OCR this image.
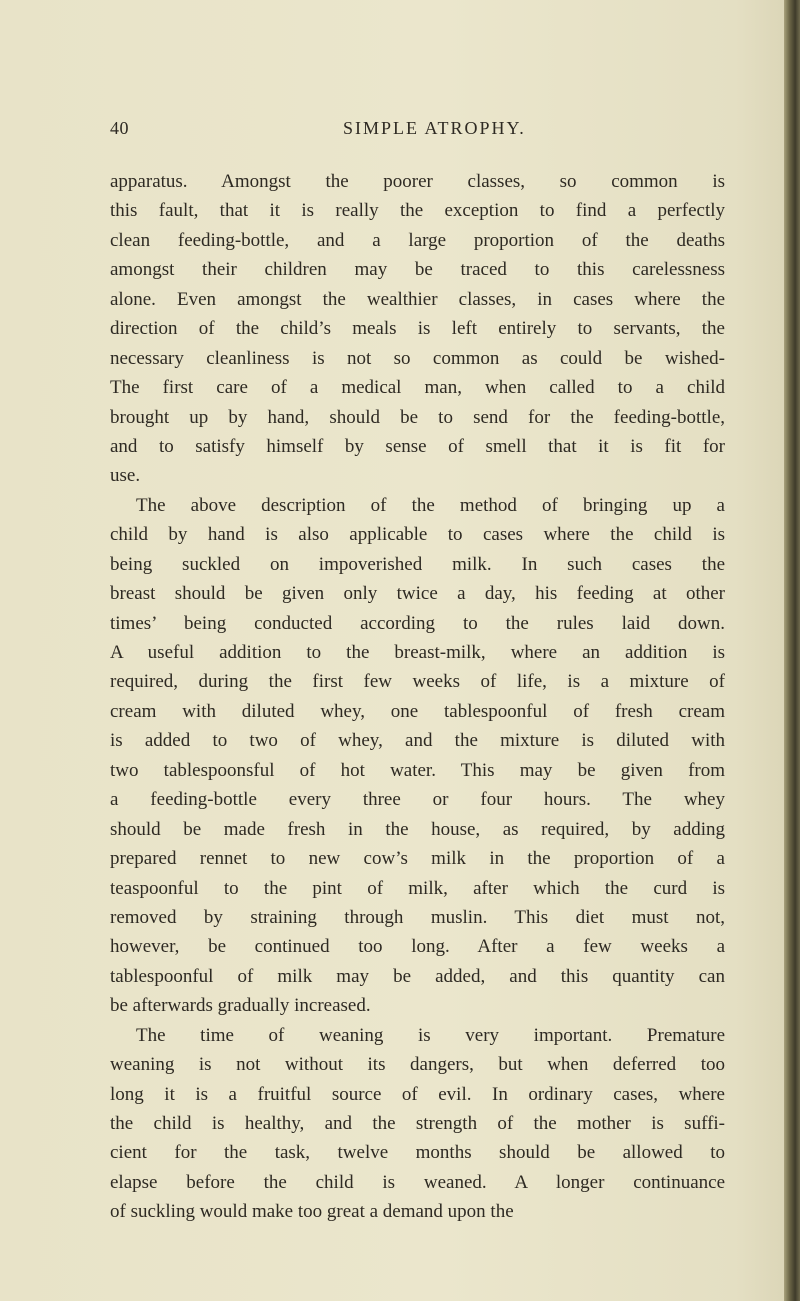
40	SIMPLE ATROPHY.
apparatus. Amongst the poorer classes, so common is
this fault, that it is really the exception to find a perfectly
clean feeding-bottle, and a large proportion of the deaths
amongst their children may be traced to this carelessness
alone. Even amongst the wealthier classes, in cases where the
direction of the child’s meals is left entirely to servants, the
necessary cleanliness is not so common as could be wished-
The first care of a medical man, when called to a child
brought up by hand, should be to send for the feeding-bottle,
and to satisfy himself by sense of smell that it is fit for
use.
The above description of the method of bringing up a
child by hand is also applicable to cases where the child is
being suckled on impoverished milk. In such cases the
breast should be given only twice a day, his feeding at other
times’ being conducted according to the rules laid down.
A useful addition to the breast-milk, where an addition is
required, during the first few weeks of life, is a mixture of
cream with diluted whey, one tablespoonful of fresh cream
is added to two of whey, and the mixture is diluted with
two tablespoonsful of hot water. This may be given from
a feeding-bottle every three or four hours. The whey
should be made fresh in the house, as required, by adding
prepared rennet to new cow’s milk in the proportion of a
teaspoonful to the pint of milk, after which the curd is
removed by straining through muslin. This diet must not,
however, be continued too long. After a few weeks a
tablespoonful of milk may be added, and this quantity can
be afterwards gradually increased.
The time of weaning is very important. Premature
weaning is not without its dangers, but when deferred too
long it is a fruitful source of evil. In ordinary cases, where
the child is healthy, and the strength of the mother is suffi-
cient for the task, twelve months should be allowed to
elapse before the child is weaned. A longer continuance
of suckling would make too great a demand upon the
